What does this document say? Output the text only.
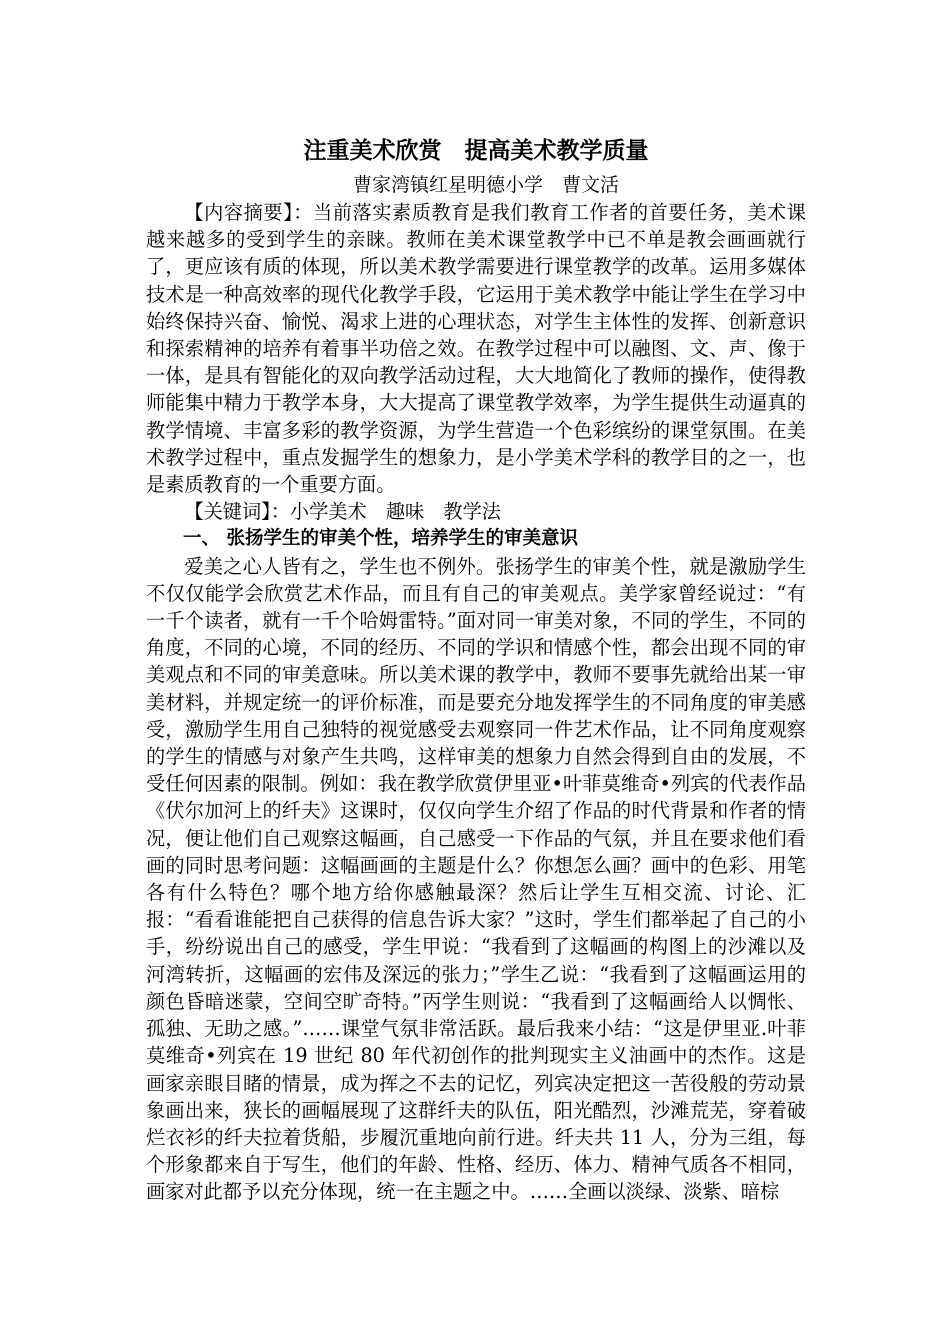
注重美术欣赏　提高美术教学质量
曹家湾镇红星明德小学　曹文活

【内容摘要】：当前落实素质教育是我们教育工作者的首要任务，美术课越来越多的受到学生的亲睐。教师在美术课堂教学中已不单是教会画画就行了，更应该有质的体现，所以美术教学需要进行课堂教学的改革。运用多媒体技术是一种高效率的现代化教学手段，它运用于美术教学中能让学生在学习中始终保持兴奋、愉悦、渴求上进的心理状态，对学生主体性的发挥、创新意识和探索精神的培养有着事半功倍之效。在教学过程中可以融图、文、声、像于一体，是具有智能化的双向教学活动过程，大大地简化了教师的操作，使得教师能集中精力于教学本身，大大提高了课堂教学效率，为学生提供生动逼真的教学情境、丰富多彩的教学资源，为学生营造一个色彩缤纷的课堂氛围。在美术教学过程中，重点发掘学生的想象力，是小学美术学科的教学目的之一，也是素质教育的一个重要方面。

【关键词】：小学美术　趣味　教学法

一、 张扬学生的审美个性，培养学生的审美意识

爱美之心人皆有之，学生也不例外。张扬学生的审美个性，就是激励学生不仅仅能学会欣赏艺术作品，而且有自己的审美观点。美学家曾经说过：“有一千个读者，就有一千个哈姆雷特。”面对同一审美对象，不同的学生，不同的角度，不同的心境，不同的经历、不同的学识和情感个性，都会出现不同的审美观点和不同的审美意味。所以美术课的教学中，教师不要事先就给出某一审美材料，并规定统一的评价标准，而是要充分地发挥学生的不同角度的审美感受，激励学生用自己独特的视觉感受去观察同一件艺术作品，让不同角度观察的学生的情感与对象产生共鸣，这样审美的想象力自然会得到自由的发展，不受任何因素的限制。例如：我在教学欣赏伊里亚•叶菲莫维奇•列宾的代表作品《伏尔加河上的纤夫》这课时，仅仅向学生介绍了作品的时代背景和作者的情况，便让他们自己观察这幅画，自己感受一下作品的气氛，并且在要求他们看画的同时思考问题：这幅画画的主题是什么？你想怎么画？画中的色彩、用笔各有什么特色？哪个地方给你感触最深？然后让学生互相交流、讨论、汇报：“看看谁能把自己获得的信息告诉大家？”这时，学生们都举起了自己的小手，纷纷说出自己的感受，学生甲说：“我看到了这幅画的构图上的沙滩以及河湾转折，这幅画的宏伟及深远的张力；”学生乙说：“我看到了这幅画运用的颜色昏暗迷蒙，空间空旷奇特。”丙学生则说：“我看到了这幅画给人以惆怅、孤独、无助之感。”……课堂气氛非常活跃。最后我来小结：“这是伊里亚.叶菲莫维奇•列宾在 19 世纪 80 年代初创作的批判现实主义油画中的杰作。这是画家亲眼目睹的情景，成为挥之不去的记忆，列宾决定把这一苦役般的劳动景象画出来，狭长的画幅展现了这群纤夫的队伍，阳光酷烈，沙滩荒芜，穿着破烂衣衫的纤夫拉着货船，步履沉重地向前行进。纤夫共 11 人，分为三组，每个形象都来自于写生，他们的年龄、性格、经历、体力、精神气质各不相同，画家对此都予以充分体现，统一在主题之中。……全画以淡绿、淡紫、暗棕
